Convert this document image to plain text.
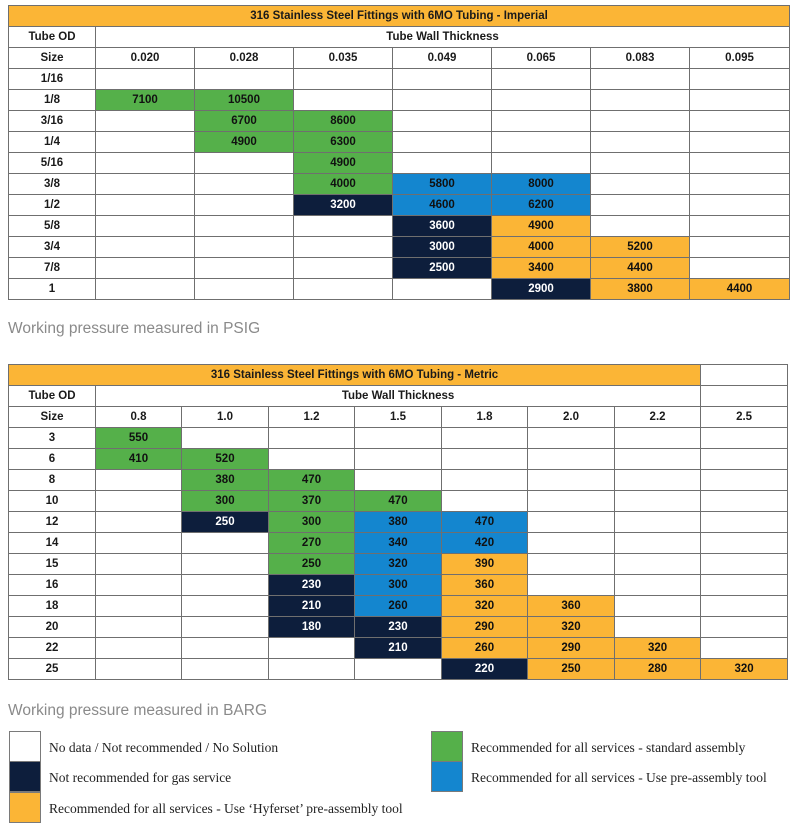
316 Stainless Steel Fittings with 6MO Tubing - Imperial							
Tube OD	Tube Wall Thickness						
Size	0.020	0.028	0.035	0.049	0.065	0.083	0.095
1/16							
1/8	7100	10500					
3/16		6700	8600				
1/4		4900	6300				
5/16			4900				
3/8			4000	5800	8000		
1/2			3200	4600	6200		
5/8				3600	4900		
3/4				3000	4000	5200	
7/8				2500	3400	4400	
1					2900	3800	4400
Working pressure measured in PSIG
316 Stainless Steel Fittings with 6MO Tubing - Metric								
Tube OD	Tube Wall Thickness							
Size	0.8	1.0	1.2	1.5	1.8	2.0	2.2	2.5
3	550							
6	410	520						
8		380	470					
10		300	370	470				
12		250	300	380	470			
14			270	340	420			
15			250	320	390			
16			230	300	360			
18			210	260	320	360		
20			180	230	290	320		
22				210	260	290	320	
25					220	250	280	320
Working pressure measured in BARG
No data / Not recommended / No Solution	Recommended for all services - standard assembly
Not recommended for gas service	Recommended for all services - Use pre-assembly tool
Recommended for all services - Use ‘Hyferset’ pre-assembly tool
